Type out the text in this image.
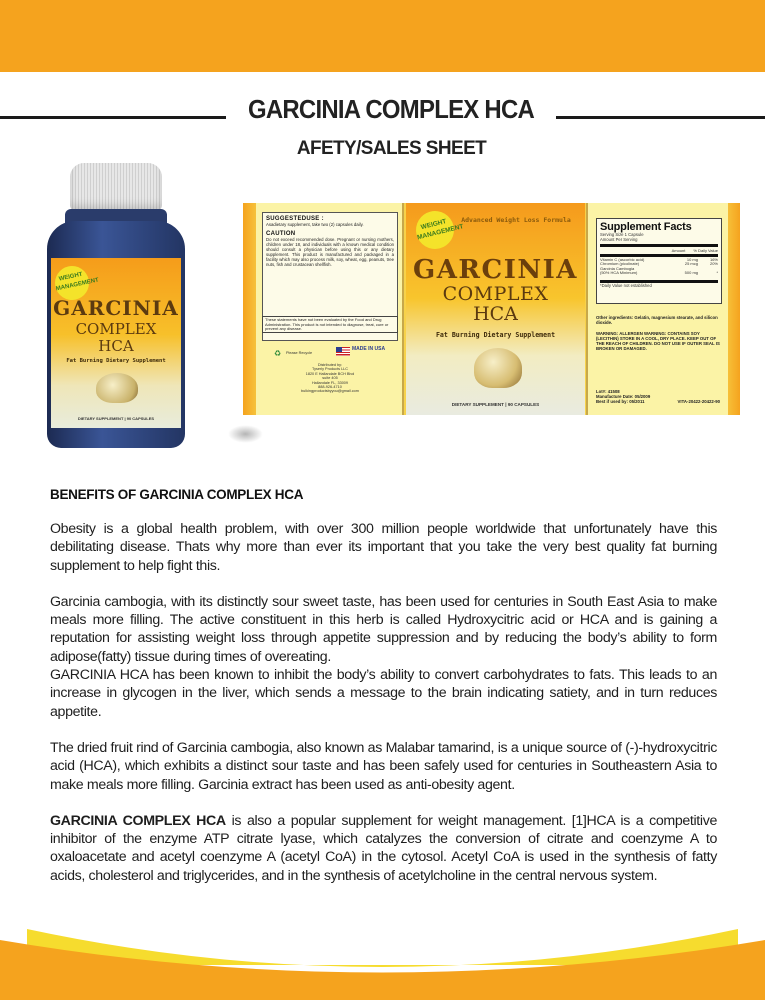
GARCINIA COMPLEX HCA
AFETY/SALES SHEET
WEIGHT MANAGEMENT
GARCINIA
COMPLEX
HCA
Fat Burning Dietary Supplement
DIETARY SUPPLEMENT | 90 CAPSULES
SUGGESTEDUSE :
Asadietary supplement, take two (2) capsules daily.
CAUTION
Do not exceed recommended dose. Pregnant or nursing mothers, children under 18, and individuals with a known medical condition should consult a physician before using this or any dietary supplement. This product is manufactured and packaged in a facility which may also process milk, soy, wheat, egg, peanuts, tree nuts, fish and crustacean shellfish.
These statements have not been evaluated by the Food and Drug Administration. This product is not intended to diagnose, treat, cure or prevent any disease.
♻ Please Recycle
MADE IN USA
Distributed by:
Tyserly Products LLC
1820 E Hallandale BCH Blvd
suite 405
Hallandale FL, 33009
888-926-4710
bulkingproductsbyyou@gmail.com
WEIGHT MANAGEMENT
Advanced Weight Loss Formula
GARCINIA
COMPLEX
HCA
Fat Burning Dietary Supplement
DIETARY SUPPLEMENT | 90 CAPSULES
Supplement Facts
Serving Size 1 Capsule
Amount Per Serving
Amount % Daily Value
Vitamin C (ascorbic acid)	10 mg	16%
Chromium (picolinate)	25 mcg	20%
Garcinia Cambogia
(50% HCA Minimum)	500 mg	*
*Daily Value not established
Other ingredients: Gelatin, magnesium stearate, and silicon dioxide.
WARNING: ALLERGEN WARNING: CONTAINS SOY (LECITHIN) STORE IN A COOL, DRY PLACE. KEEP OUT OF THE REACH OF CHILDREN. DO NOT USE IF OUTER SEAL IS BROKEN OR DAMAGED.
Lot#: 41508
Manufacture Date: 05/2009
Best if used by: 05/2011	VITA-20422-20422-90
BENEFITS OF GARCINIA COMPLEX HCA

Obesity is a global health problem, with over 300 million people worldwide that unfortunately have this debilitating disease. Thats why more than ever its important that you take the very best quality fat burning supplement to help fight this.

Garcinia cambogia, with its distinctly sour sweet taste, has been used for centuries in South East Asia to make meals more filling. The active constituent in this herb is called Hydroxycitric acid or HCA and is gaining a reputation for assisting weight loss through appetite suppression and by reducing the body’s ability to form adipose(fatty) tissue during times of overeating.

GARCINIA HCA has been known to inhibit the body’s ability to convert carbohydrates to fats. This leads to an increase in glycogen in the liver, which sends a message to the brain indicating satiety, and in turn reduces appetite.

The dried fruit rind of Garcinia cambogia, also known as Malabar tamarind, is a unique source of (-)-hydroxycitric acid (HCA), which exhibits a distinct sour taste and has been safely used for centuries in Southeastern Asia to make meals more filling. Garcinia extract has been used as anti-obesity agent.

GARCINIA COMPLEX HCA is also a popular supplement for weight management. [1]HCA is a competitive inhibitor of the enzyme ATP citrate lyase, which catalyzes the conversion of citrate and coenzyme A to oxaloacetate and acetyl coenzyme A (acetyl CoA) in the cytosol. Acetyl CoA is used in the synthesis of fatty acids, cholesterol and triglycerides, and in the synthesis of acetylcholine in the central nervous system.
